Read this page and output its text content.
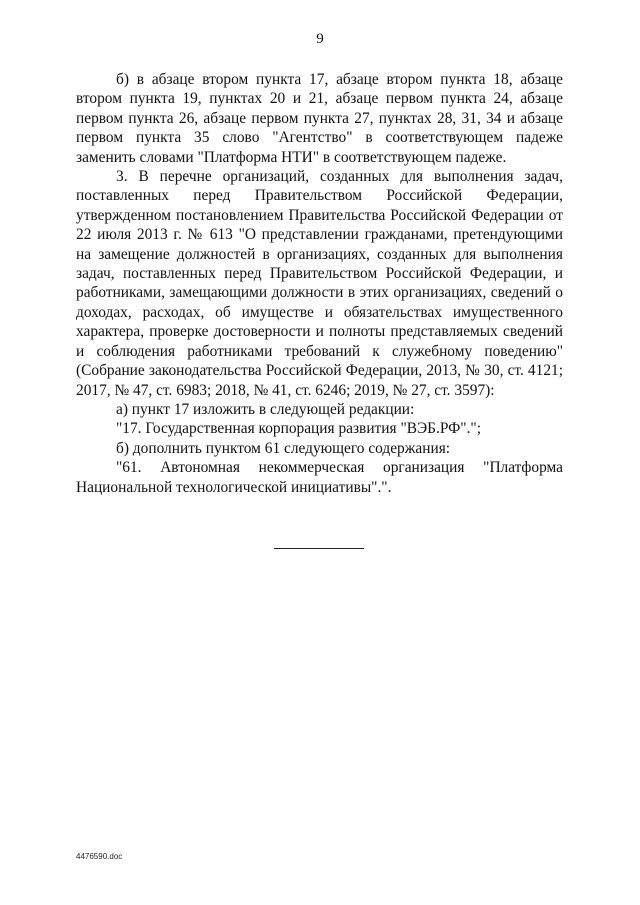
9

б) в абзаце втором пункта 17, абзаце втором пункта 18, абзаце втором пункта 19, пунктах 20 и 21, абзаце первом пункта 24, абзаце первом пункта 26, абзаце первом пункта 27, пунктах 28, 31, 34 и абзаце первом пункта 35 слово "Агентство" в соответствующем падеже заменить словами "Платформа НТИ" в соответствующем падеже.

3. В перечне организаций, созданных для выполнения задач, поставленных перед Правительством Российской Федерации, утвержденном постановлением Правительства Российской Федерации от 22 июля 2013 г. № 613 "О представлении гражданами, претендующими на замещение должностей в организациях, созданных для выполнения задач, поставленных перед Правительством Российской Федерации, и работниками, замещающими должности в этих организациях, сведений о доходах, расходах, об имуществе и обязательствах имущественного характера, проверке достоверности и полноты представляемых сведений и соблюдения работниками требований к служебному поведению" (Собрание законодательства Российской Федерации, 2013, № 30, ст. 4121; 2017, № 47, ст. 6983; 2018, № 41, ст. 6246; 2019, № 27, ст. 3597):

а) пункт 17 изложить в следующей редакции:

"17. Государственная корпорация развития "ВЭБ.РФ".";

б) дополнить пунктом 61 следующего содержания:

"61. Автономная некоммерческая организация "Платформа Национальной технологической инициативы".".

4476590.doc
